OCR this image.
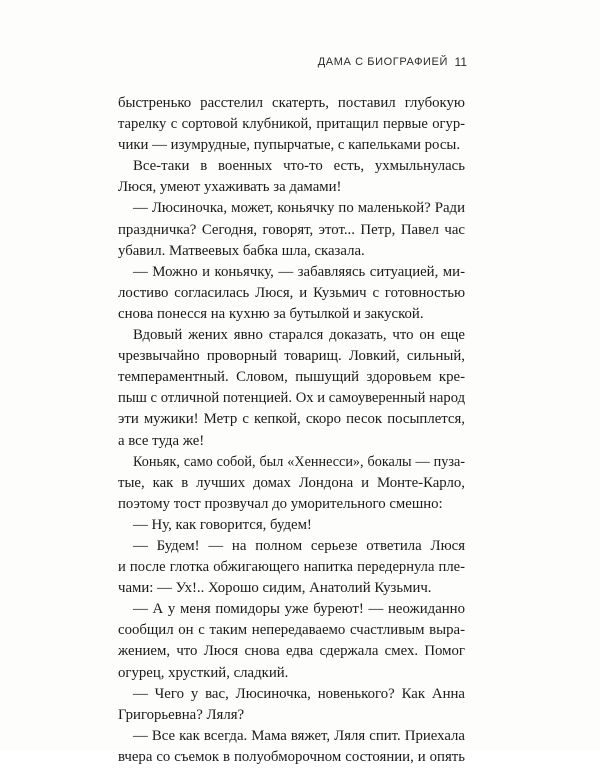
ДАМА С БИОГРАФИЕЙ 11
быстренько расстелил скатерть, поставил глубокую
тарелку с сортовой клубникой, притащил первые огур-
чики — изумрудные, пупырчатые, с капельками росы.
Все-таки в военных что-то есть, ухмыльнулась
Люся, умеют ухаживать за дамами!
— Люсиночка, может, коньячку по маленькой? Ради
праздничка? Сегодня, говорят, этот... Петр, Павел час
убавил. Матвеевых бабка шла, сказала.
— Можно и коньячку, — забавляясь ситуацией, ми-
лостиво согласилась Люся, и Кузьмич с готовностью
снова понесся на кухню за бутылкой и закуской.
Вдовый жених явно старался доказать, что он еще
чрезвычайно проворный товарищ. Ловкий, сильный,
темпераментный. Словом, пышущий здоровьем кре-
пыш с отличной потенцией. Ох и самоуверенный народ
эти мужики! Метр с кепкой, скоро песок посыплется,
а все туда же!
Коньяк, само собой, был «Хеннесси», бокалы — пуза-
тые, как в лучших домах Лондона и Монте-Карло,
поэтому тост прозвучал до уморительного смешно:
— Ну, как говорится, будем!
— Будем! — на полном серьезе ответила Люся
и после глотка обжигающего напитка передернула пле-
чами: — Ух!.. Хорошо сидим, Анатолий Кузьмич.
— А у меня помидоры уже буреют! — неожиданно
сообщил он с таким непередаваемо счастливым выра-
жением, что Люся снова едва сдержала смех. Помог
огурец, хрусткий, сладкий.
— Чего у вас, Люсиночка, новенького? Как Анна
Григорьевна? Ляля?
— Все как всегда. Мама вяжет, Ляля спит. Приехала
вчера со съемок в полуобморочном состоянии, и опять
